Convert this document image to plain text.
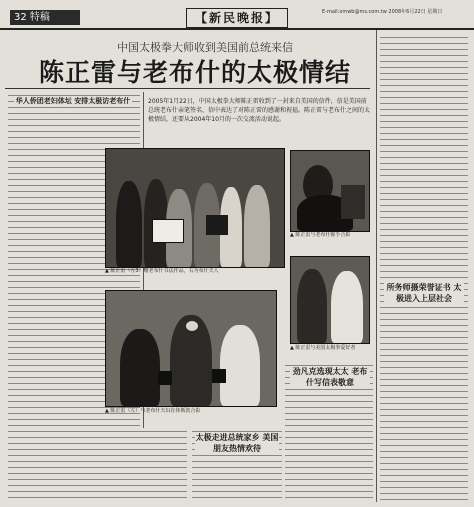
32 特稿	【新民晚报】	E-mail:xmwb@ms.com.tw 2008年6月22日 星期日
中国太极拳大师收到美国前总统来信
陈正雷与老布什的太极情结
华人侨团老妇体坛 安排太极访老布什	2005年1月22日，中国太极拳大师陈正雷收到了一封来自美国的信件，信是美国前总统老布什亲笔签名，信中表达了对陈正雷的感谢和祝福。陈正雷与老布什之间的太极情结，还要从2004年10月的一次交流活动说起。
▲ 陈正雷（左3）赠老布什书法作品，右为布什夫人
▲ 陈正雷与老布什握手合影
▲ 陈正雷（左）与老布什夫妇在休斯敦合影
▲ 陈正雷与美国太极拳爱好者
太极走进总统家乡 美国朋友热情欢待
劲凡克选现太太 老布什写信表敬意
所务师摄荣誉证书 太极进入上层社会
